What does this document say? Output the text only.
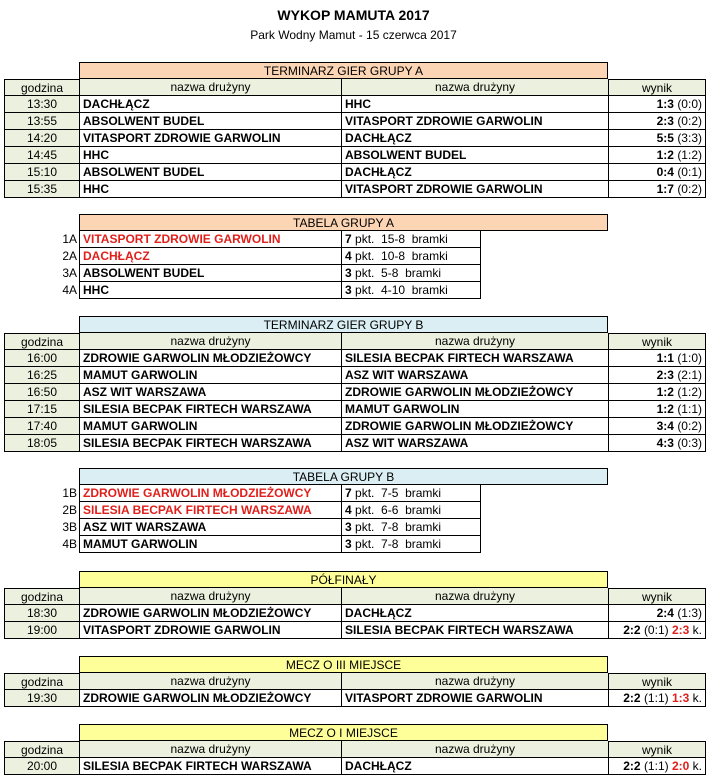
WYKOP MAMUTA 2017
Park Wodny Mamut - 15 czerwca 2017
TERMINARZ GIER GRUPY A
godzina	nazwa drużyny	nazwa drużyny	wynik
13:30	DACHŁĄCZ	HHC	1:3 (0:0)
13:55	ABSOLWENT BUDEL	VITASPORT ZDROWIE GARWOLIN	2:3 (0:2)
14:20	VITASPORT ZDROWIE GARWOLIN	DACHŁĄCZ	5:5 (3:3)
14:45	HHC	ABSOLWENT BUDEL	1:2 (1:2)
15:10	ABSOLWENT BUDEL	DACHŁĄCZ	0:4 (0:1)
15:35	HHC	VITASPORT ZDROWIE GARWOLIN	1:7 (0:2)
TABELA GRUPY A
1A VITASPORT ZDROWIE GARWOLIN	7 pkt. 15-8 bramki
2A DACHŁĄCZ	4 pkt. 10-8 bramki
3A ABSOLWENT BUDEL	3 pkt. 5-8 bramki
4A HHC	3 pkt. 4-10 bramki
TERMINARZ GIER GRUPY B
godzina	nazwa drużyny	nazwa drużyny	wynik
16:00	ZDROWIE GARWOLIN MŁODZIEŻOWCY	SILESIA BECPAK FIRTECH WARSZAWA	1:1 (1:0)
16:25	MAMUT GARWOLIN	ASZ WIT WARSZAWA	2:3 (2:1)
16:50	ASZ WIT WARSZAWA	ZDROWIE GARWOLIN MŁODZIEŻOWCY	1:2 (1:2)
17:15	SILESIA BECPAK FIRTECH WARSZAWA	MAMUT GARWOLIN	1:2 (1:1)
17:40	MAMUT GARWOLIN	ZDROWIE GARWOLIN MŁODZIEŻOWCY	3:4 (0:2)
18:05	SILESIA BECPAK FIRTECH WARSZAWA	ASZ WIT WARSZAWA	4:3 (0:3)
TABELA GRUPY B
1B ZDROWIE GARWOLIN MŁODZIEŻOWCY	7 pkt. 7-5 bramki
2B SILESIA BECPAK FIRTECH WARSZAWA	4 pkt. 6-6 bramki
3B ASZ WIT WARSZAWA	3 pkt. 7-8 bramki
4B MAMUT GARWOLIN	3 pkt. 7-8 bramki
PÓŁFINAŁY
godzina	nazwa drużyny	nazwa drużyny	wynik
18:30	ZDROWIE GARWOLIN MŁODZIEŻOWCY	DACHŁĄCZ	2:4 (1:3)
19:00	VITASPORT ZDROWIE GARWOLIN	SILESIA BECPAK FIRTECH WARSZAWA	2:2 (0:1) 2:3 k.
MECZ O III MIEJSCE
godzina	nazwa drużyny	nazwa drużyny	wynik
19:30	ZDROWIE GARWOLIN MŁODZIEŻOWCY	VITASPORT ZDROWIE GARWOLIN	2:2 (1:1) 1:3 k.
MECZ O I MIEJSCE
godzina	nazwa drużyny	nazwa drużyny	wynik
20:00	SILESIA BECPAK FIRTECH WARSZAWA	DACHŁĄCZ	2:2 (1:1) 2:0 k.
